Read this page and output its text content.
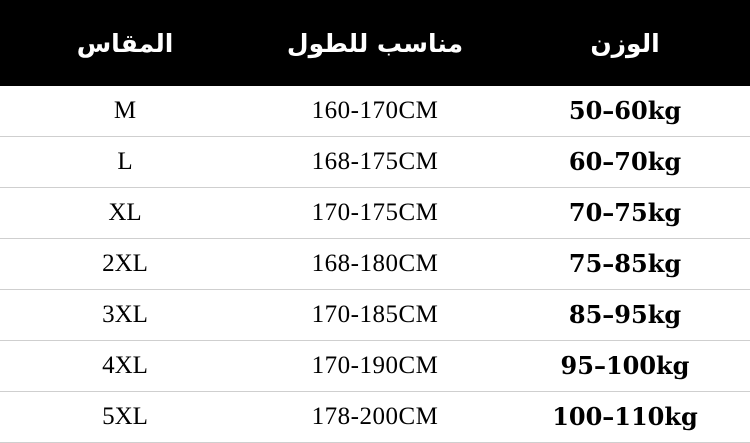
المقاس	مناسب للطول	الوزن
M	160-170CM	50–60kg
L	168-175CM	60–70kg
XL	170-175CM	70–75kg
2XL	168-180CM	75–85kg
3XL	170-185CM	85–95kg
4XL	170-190CM	95–100kg
5XL	178-200CM	100–110kg
